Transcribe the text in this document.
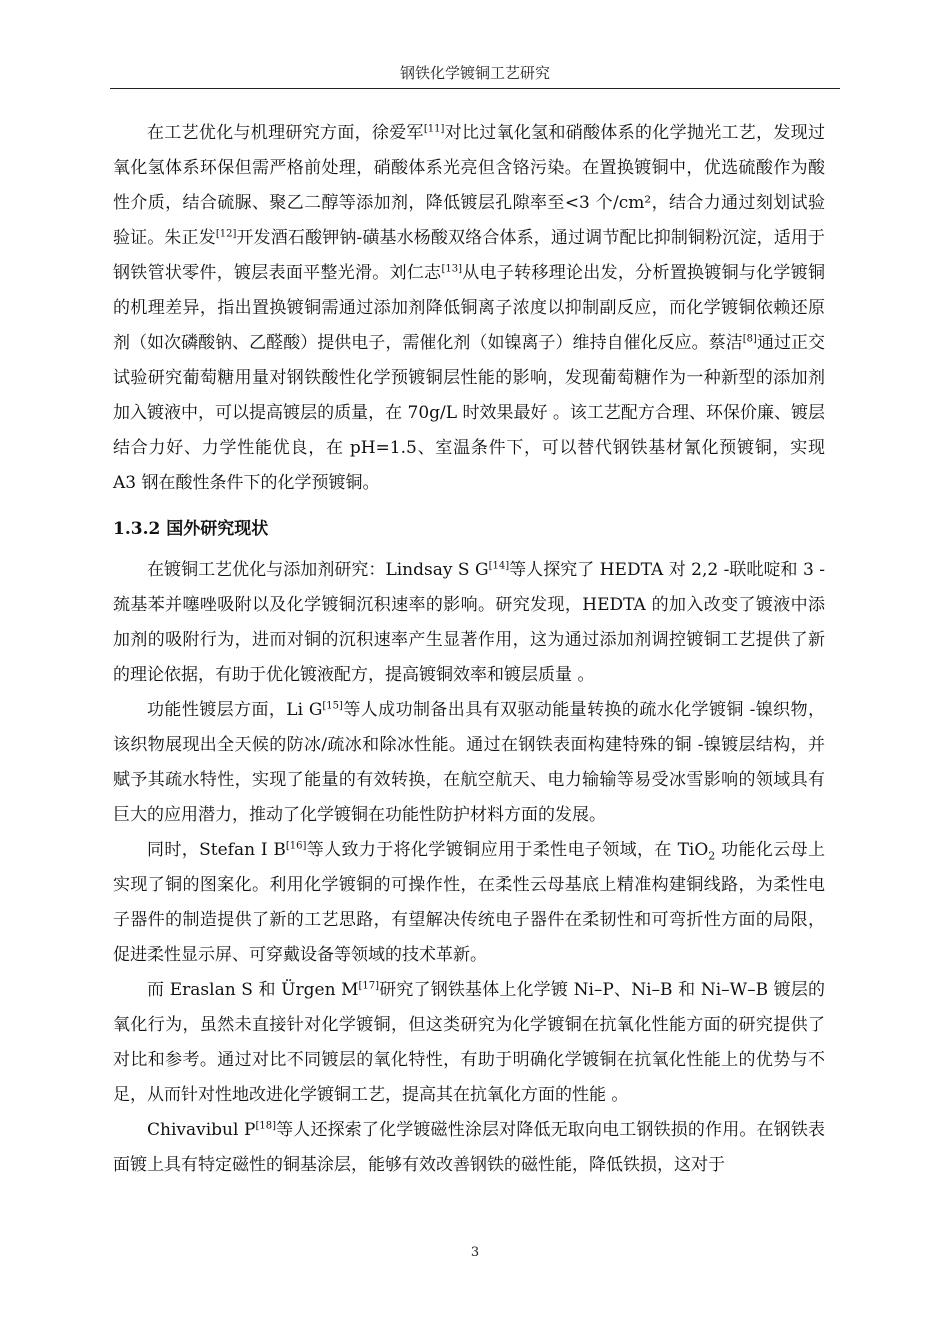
钢铁化学镀铜工艺研究

在工艺优化与机理研究方面，徐爱军[11]对比过氧化氢和硝酸体系的化学抛光工艺，发现过氧化氢体系环保但需严格前处理，硝酸体系光亮但含铬污染。在置换镀铜中，优选硫酸作为酸性介质，结合硫脲、聚乙二醇等添加剂，降低镀层孔隙率至<3 个/cm²，结合力通过刻划试验验证。朱正发[12]开发酒石酸钾钠-磺基水杨酸双络合体系，通过调节配比抑制铜粉沉淀，适用于钢铁管状零件，镀层表面平整光滑。刘仁志[13]从电子转移理论出发，分析置换镀铜与化学镀铜的机理差异，指出置换镀铜需通过添加剂降低铜离子浓度以抑制副反应，而化学镀铜依赖还原剂（如次磷酸钠、乙醛酸）提供电子，需催化剂（如镍离子）维持自催化反应。蔡洁[8]通过正交试验研究葡萄糖用量对钢铁酸性化学预镀铜层性能的影响，发现葡萄糖作为一种新型的添加剂加入镀液中，可以提高镀层的质量，在 70g/L 时效果最好 。该工艺配方合理、环保价廉、镀层结合力好、力学性能优良，在 pH=1.5、室温条件下，可以替代钢铁基材氰化预镀铜，实现 A3 钢在酸性条件下的化学预镀铜。

1.3.2 国外研究现状

在镀铜工艺优化与添加剂研究：Lindsay S G[14]等人探究了 HEDTA 对 2,2 -联吡啶和 3 -巯基苯并噻唑吸附以及化学镀铜沉积速率的影响。研究发现，HEDTA 的加入改变了镀液中添加剂的吸附行为，进而对铜的沉积速率产生显著作用，这为通过添加剂调控镀铜工艺提供了新的理论依据，有助于优化镀液配方，提高镀铜效率和镀层质量 。

功能性镀层方面，Li G[15]等人成功制备出具有双驱动能量转换的疏水化学镀铜 -镍织物，该织物展现出全天候的防冰/疏冰和除冰性能。通过在钢铁表面构建特殊的铜 -镍镀层结构，并赋予其疏水特性，实现了能量的有效转换，在航空航天、电力输输等易受冰雪影响的领域具有巨大的应用潜力，推动了化学镀铜在功能性防护材料方面的发展。

同时，Stefan I B[16]等人致力于将化学镀铜应用于柔性电子领域，在 TiO$_2$ 功能化云母上实现了铜的图案化。利用化学镀铜的可操作性，在柔性云母基底上精准构建铜线路，为柔性电子器件的制造提供了新的工艺思路，有望解决传统电子器件在柔韧性和可弯折性方面的局限，促进柔性显示屏、可穿戴设备等领域的技术革新。

而 Eraslan S 和 Ürgen M[17]研究了钢铁基体上化学镀 Ni–P、Ni–B 和 Ni–W–B 镀层的氧化行为，虽然未直接针对化学镀铜，但这类研究为化学镀铜在抗氧化性能方面的研究提供了对比和参考。通过对比不同镀层的氧化特性，有助于明确化学镀铜在抗氧化性能上的优势与不足，从而针对性地改进化学镀铜工艺，提高其在抗氧化方面的性能 。

Chivavibul P[18]等人还探索了化学镀磁性涂层对降低无取向电工钢铁损的作用。在钢铁表面镀上具有特定磁性的铜基涂层，能够有效改善钢铁的磁性能，降低铁损，这对于

3
